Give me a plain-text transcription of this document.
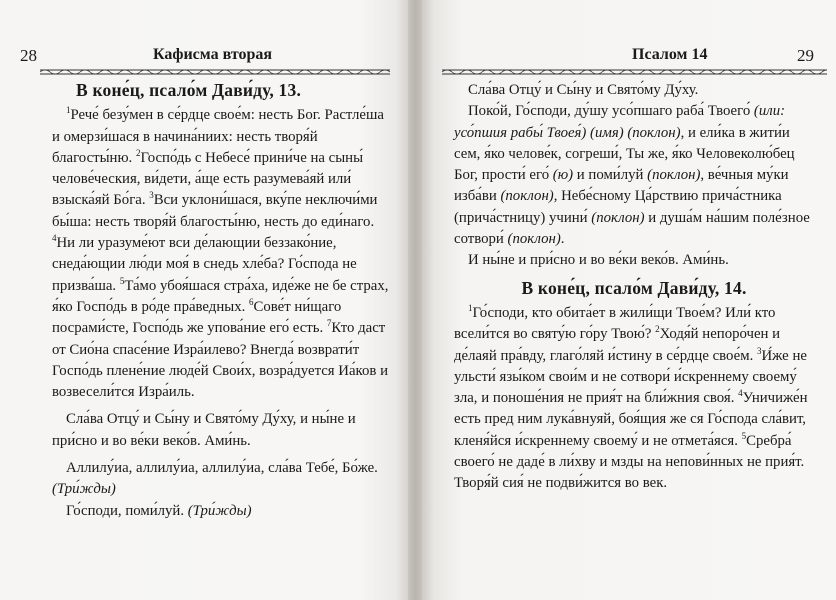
28	Кафисма вторая
В коне́ц, псало́м Дави́ду, 13.

$^1$Рече́ безу́мен в се́рдце свое́м: несть Бог. Растле́ша и омерзи́шася в начина́ниих: несть творя́й благосты́ню. $^2$Госпо́дь с Небесе́ прини́че на сыны́ челове́ческия, ви́дети, а́ще есть разумева́яй или́ взыска́яй Бо́га. $^3$Вси уклони́шася, вку́пе неключи́ми бы́ша: несть творя́й благосты́ню, несть до еди́наго. $^4$Ни ли уразуме́ют вси де́лающии беззако́ние, снеда́ющии лю́ди моя́ в снедь хле́ба? Го́спода не призва́ша. $^5$Та́мо убоя́шася стра́ха, иде́же не бе страх, я́ко Госпо́дь в ро́де пра́ведных. $^6$Сове́т ни́щаго посрами́сте, Госпо́дь же упова́ние его́ есть. $^7$Кто даст от Сио́на спасе́ние Изра́илево? Внегда́ возврати́т Госпо́дь плене́ние люде́й Свои́х, возра́дуется Иа́ков и возвесели́тся Изра́иль.

Сла́ва Отцу́ и Сы́ну и Свято́му Ду́ху, и ны́не и при́сно и во ве́ки веко́в. Ами́нь.

Аллилу́иа, аллилу́иа, аллилу́иа, сла́ва Тебе́, Бо́же. (Три́жды)

Го́споди, поми́луй. (Три́жды)

Псалом 14	29

Сла́ва Отцу́ и Сы́ну и Свято́му Ду́ху.

Поко́й, Го́споди, ду́шу усо́пшаго раба́ Твоего́ (или: усо́пшия рабы́ Твоея́) (имя) (поклон), и ели́ка в жити́и сем, я́ко челове́к, согреши́, Ты же, я́ко Человеколю́бец Бог, прости́ его́ (ю) и поми́луй (поклон), ве́чныя му́ки изба́ви (поклон), Небе́сному Ца́рствию прича́стника (прича́стницу) учини́ (поклон) и душа́м на́шим поле́зное сотвори́ (поклон).

И ны́не и при́сно и во ве́ки веко́в. Ами́нь.

В коне́ц, псало́м Дави́ду, 14.

$^1$Го́споди, кто обита́ет в жили́щи Твое́м? Или́ кто всели́тся во святу́ю го́ру Твою́? $^2$Ходя́й непоро́чен и де́лаяй пра́вду, глаго́ляй и́стину в се́рдце свое́м. $^3$И́же не ульсти́ язы́ком свои́м и не сотвори́ и́скреннему своему́ зла, и поноше́ния не прия́т на бли́жния своя́. $^4$Уничиже́н есть пред ним лука́внуяй, боя́щия же ся Го́спода сла́вит, кленя́йся и́скреннему своему́ и не отмета́яся. $^5$Сребра́ своего́ не даде́ в ли́хву и мзды на непови́нных не прия́т. Творя́й сия́ не подви́жится во век.
